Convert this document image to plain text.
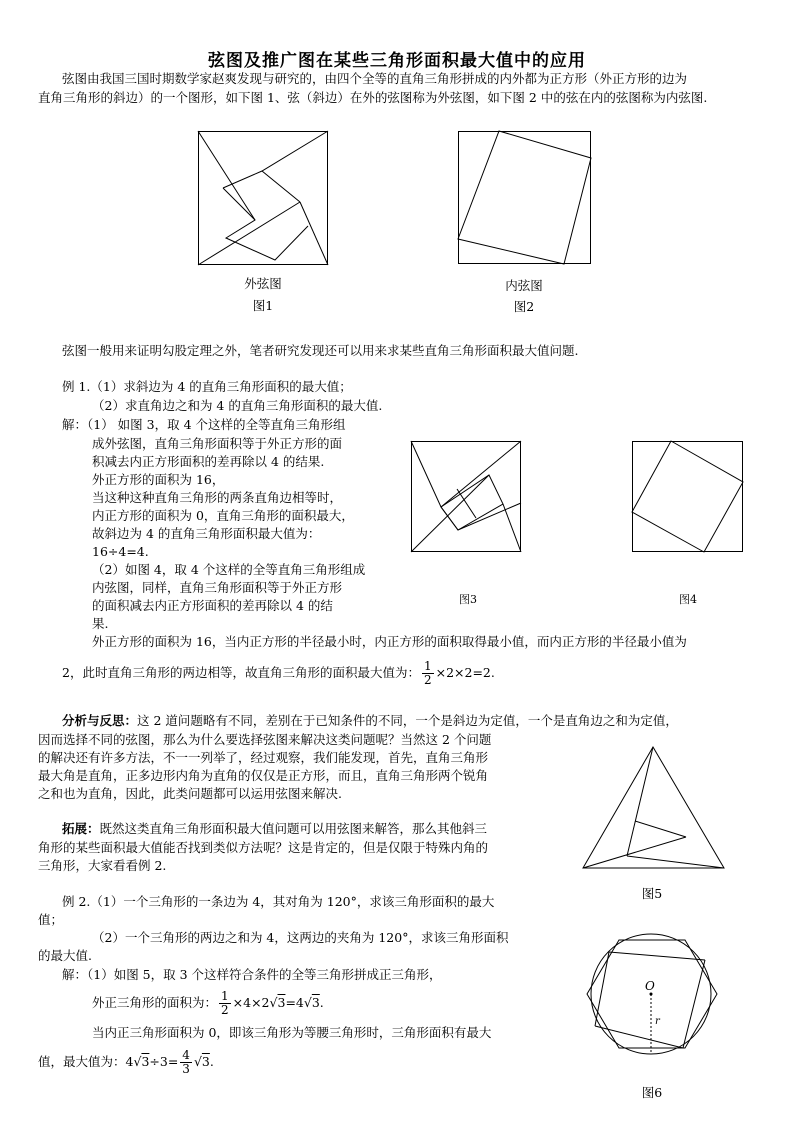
弦图及推广图在某些三角形面积最大值中的应用
弦图由我国三国时期数学家赵爽发现与研究的，由四个全等的直角三角形拼成的内外都为正方形（外正方形的边为
直角三角形的斜边）的一个图形，如下图 1、弦（斜边）在外的弦图称为外弦图，如下图 2 中的弦在内的弦图称为内弦图.
外弦图
图1
内弦图
图2
弦图一般用来证明勾股定理之外，笔者研究发现还可以用来求某些直角三角形面积最大值问题.
例 1.（1）求斜边为 4 的直角三角形面积的最大值；
（2）求直角边之和为 4 的直角三角形面积的最大值.
解：（1） 如图 3，取 4 个这样的全等直角三角形组
成外弦图，直角三角形面积等于外正方形的面
积减去内正方形面积的差再除以 4 的结果.
外正方形的面积为 16，
当这种这种直角三角形的两条直角边相等时，
内正方形的面积为 0，直角三角形的面积最大，
故斜边为 4 的直角三角形面积最大值为：
16÷4=4.
（2）如图 4，取 4 个这样的全等直角三角形组成
内弦图，同样，直角三角形面积等于外正方形
的面积减去内正方形面积的差再除以 4 的结
果.
外正方形的面积为 16，当内正方形的半径最小时，内正方形的面积取得最小值，而内正方形的半径最小值为
2，此时直角三角形的两边相等，故直角三角形的面积最大值为： $\frac{1}{2} \times 2\times 2=2$.
图3	图4
分析与反思：这 2 道问题略有不同，差别在于已知条件的不同，一个是斜边为定值，一个是直角边之和为定值，
因而选择不同的弦图，那么为什么要选择弦图来解决这类问题呢？当然这 2 个问题
的解决还有许多方法，不一一列举了，经过观察，我们能发现，首先，直角三角形
最大角是直角，正多边形内角为直角的仅仅是正方形，而且，直角三角形两个锐角
之和也为直角，因此，此类问题都可以运用弦图来解决.
拓展：既然这类直角三角形面积最大值问题可以用弦图来解答，那么其他斜三
角形的某些面积最大值能否找到类似方法呢？这是肯定的，但是仅限于特殊内角的
三角形，大家看看例 2.
图5
例 2.（1）一个三角形的一条边为 4，其对角为 120°，求该三角形面积的最大
值；
（2）一个三角形的两边之和为 4，这两边的夹角为 120°，求该三角形面积
的最大值.
解：（1）如图 5，取 3 个这样符合条件的全等三角形拼成正三角形，
外正三角形的面积为： $\frac{1}{2} \times 4\times 2√3=4√3$.
当内正三角形面积为 0，即该三角形为等腰三角形时，三角形面积有最大
值，最大值为：$4√3\div 3= \frac{4}{3} √3$.
O
r
图6
